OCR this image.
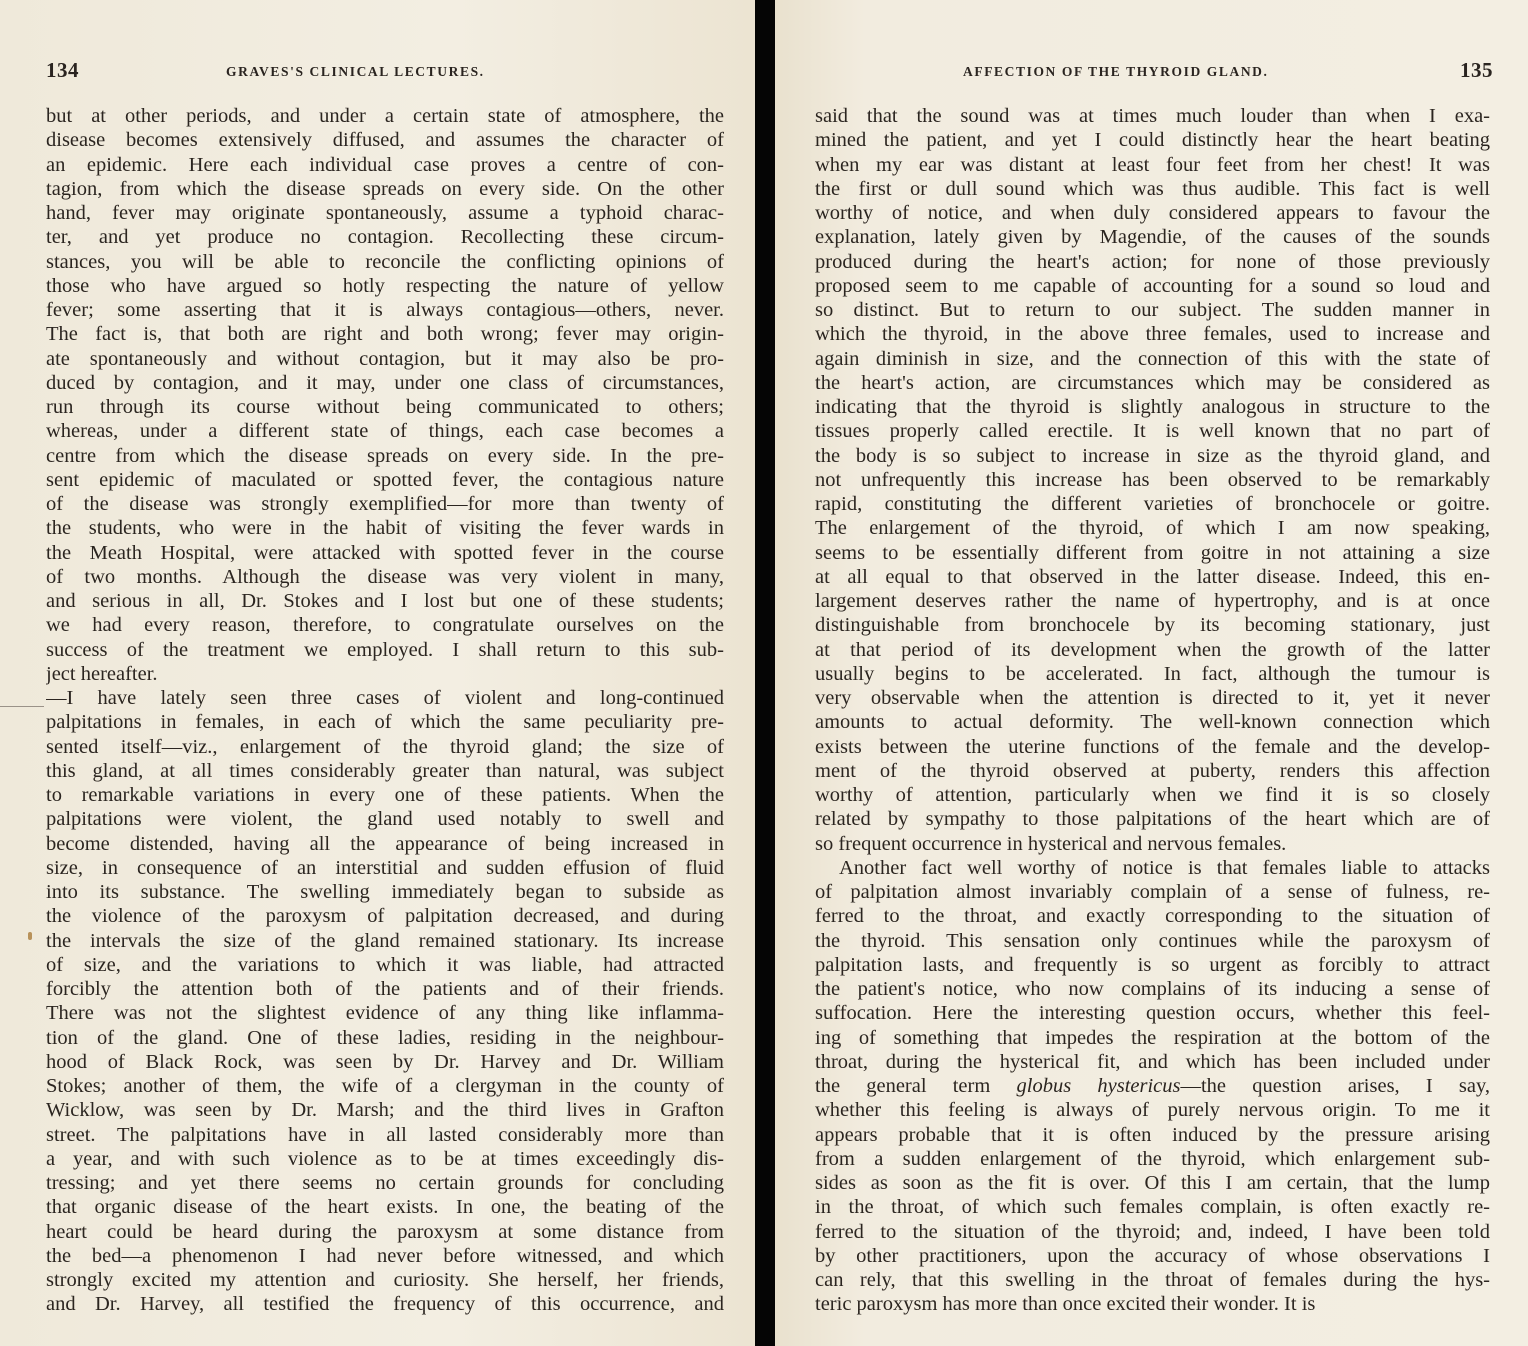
134	GRAVES'S CLINICAL LECTURES.
but at other periods, and under a certain state of atmosphere, the
disease becomes extensively diffused, and assumes the character of
an epidemic. Here each individual case proves a centre of con-
tagion, from which the disease spreads on every side. On the other
hand, fever may originate spontaneously, assume a typhoid charac-
ter, and yet produce no contagion. Recollecting these circum-
stances, you will be able to reconcile the conflicting opinions of
those who have argued so hotly respecting the nature of yellow
fever; some asserting that it is always contagious—others, never.
The fact is, that both are right and both wrong; fever may origin-
ate spontaneously and without contagion, but it may also be pro-
duced by contagion, and it may, under one class of circumstances,
run through its course without being communicated to others;
whereas, under a different state of things, each case becomes a
centre from which the disease spreads on every side. In the pre-
sent epidemic of maculated or spotted fever, the contagious nature
of the disease was strongly exemplified—for more than twenty of
the students, who were in the habit of visiting the fever wards in
the Meath Hospital, were attacked with spotted fever in the course
of two months. Although the disease was very violent in many,
and serious in all, Dr. Stokes and I lost but one of these students;
we had every reason, therefore, to congratulate ourselves on the
success of the treatment we employed. I shall return to this sub-
ject hereafter.
—I have lately seen three cases of violent and long-continued
palpitations in females, in each of which the same peculiarity pre-
sented itself—viz., enlargement of the thyroid gland; the size of
this gland, at all times considerably greater than natural, was subject
to remarkable variations in every one of these patients. When the
palpitations were violent, the gland used notably to swell and
become distended, having all the appearance of being increased in
size, in consequence of an interstitial and sudden effusion of fluid
into its substance. The swelling immediately began to subside as
the violence of the paroxysm of palpitation decreased, and during
the intervals the size of the gland remained stationary. Its increase
of size, and the variations to which it was liable, had attracted
forcibly the attention both of the patients and of their friends.
There was not the slightest evidence of any thing like inflamma-
tion of the gland. One of these ladies, residing in the neighbour-
hood of Black Rock, was seen by Dr. Harvey and Dr. William
Stokes; another of them, the wife of a clergyman in the county of
Wicklow, was seen by Dr. Marsh; and the third lives in Grafton
street. The palpitations have in all lasted considerably more than
a year, and with such violence as to be at times exceedingly dis-
tressing; and yet there seems no certain grounds for concluding
that organic disease of the heart exists. In one, the beating of the
heart could be heard during the paroxysm at some distance from
the bed—a phenomenon I had never before witnessed, and which
strongly excited my attention and curiosity. She herself, her friends,
and Dr. Harvey, all testified the frequency of this occurrence, and
AFFECTION OF THE THYROID GLAND.	135
said that the sound was at times much louder than when I exa-
mined the patient, and yet I could distinctly hear the heart beating
when my ear was distant at least four feet from her chest! It was
the first or dull sound which was thus audible. This fact is well
worthy of notice, and when duly considered appears to favour the
explanation, lately given by Magendie, of the causes of the sounds
produced during the heart's action; for none of those previously
proposed seem to me capable of accounting for a sound so loud and
so distinct. But to return to our subject. The sudden manner in
which the thyroid, in the above three females, used to increase and
again diminish in size, and the connection of this with the state of
the heart's action, are circumstances which may be considered as
indicating that the thyroid is slightly analogous in structure to the
tissues properly called erectile. It is well known that no part of
the body is so subject to increase in size as the thyroid gland, and
not unfrequently this increase has been observed to be remarkably
rapid, constituting the different varieties of bronchocele or goitre.
The enlargement of the thyroid, of which I am now speaking,
seems to be essentially different from goitre in not attaining a size
at all equal to that observed in the latter disease. Indeed, this en-
largement deserves rather the name of hypertrophy, and is at once
distinguishable from bronchocele by its becoming stationary, just
at that period of its development when the growth of the latter
usually begins to be accelerated. In fact, although the tumour is
very observable when the attention is directed to it, yet it never
amounts to actual deformity. The well-known connection which
exists between the uterine functions of the female and the develop-
ment of the thyroid observed at puberty, renders this affection
worthy of attention, particularly when we find it is so closely
related by sympathy to those palpitations of the heart which are of
so frequent occurrence in hysterical and nervous females.
Another fact well worthy of notice is that females liable to attacks
of palpitation almost invariably complain of a sense of fulness, re-
ferred to the throat, and exactly corresponding to the situation of
the thyroid. This sensation only continues while the paroxysm of
palpitation lasts, and frequently is so urgent as forcibly to attract
the patient's notice, who now complains of its inducing a sense of
suffocation. Here the interesting question occurs, whether this feel-
ing of something that impedes the respiration at the bottom of the
throat, during the hysterical fit, and which has been included under
the general term globus hystericus—the question arises, I say,
whether this feeling is always of purely nervous origin. To me it
appears probable that it is often induced by the pressure arising
from a sudden enlargement of the thyroid, which enlargement sub-
sides as soon as the fit is over. Of this I am certain, that the lump
in the throat, of which such females complain, is often exactly re-
ferred to the situation of the thyroid; and, indeed, I have been told
by other practitioners, upon the accuracy of whose observations I
can rely, that this swelling in the throat of females during the hys-
teric paroxysm has more than once excited their wonder. It is
